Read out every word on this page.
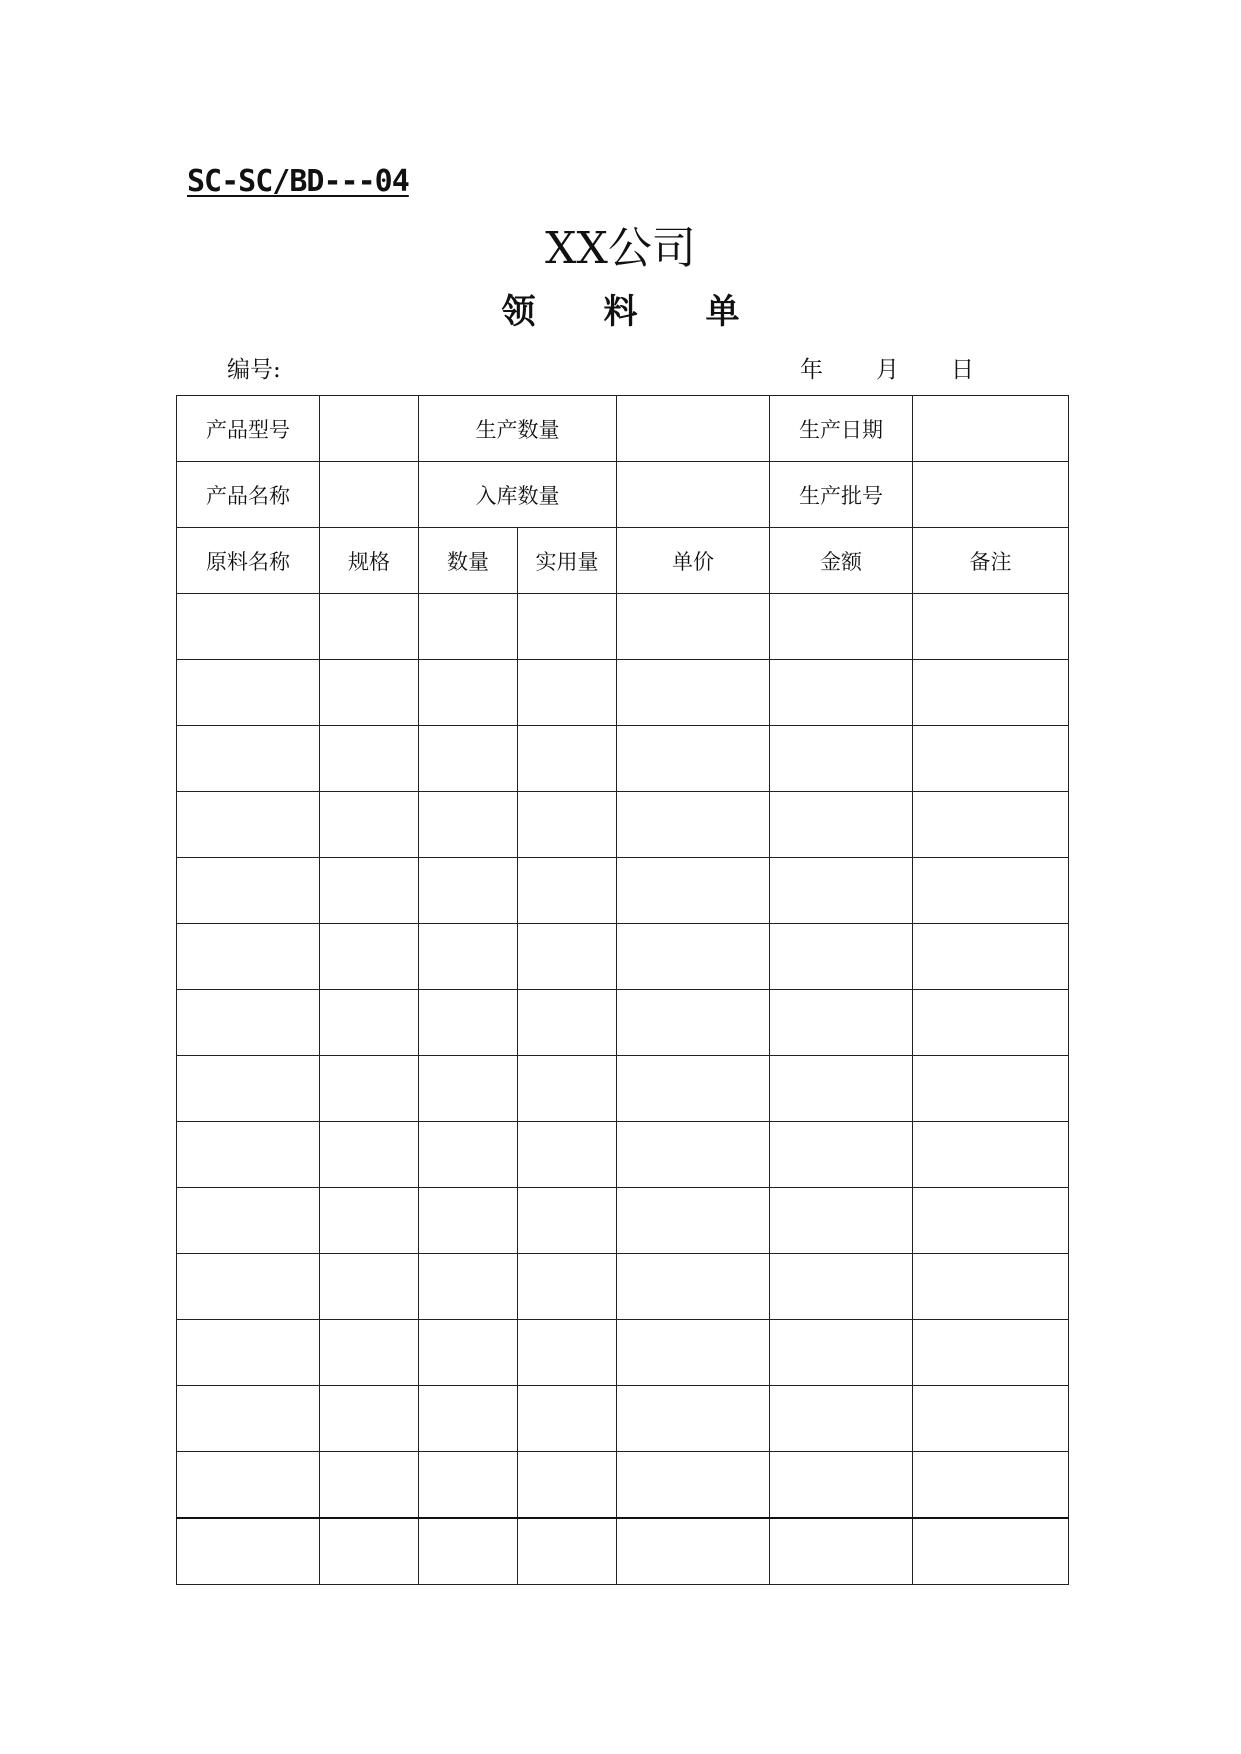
SC-SC/BD---04
XX公司
领　　料　　单
编号:	年 月 日
产品型号		生产数量			生产日期	
产品名称		入库数量			生产批号	
原料名称	规格	数量	实用量	单价	金额	备注
